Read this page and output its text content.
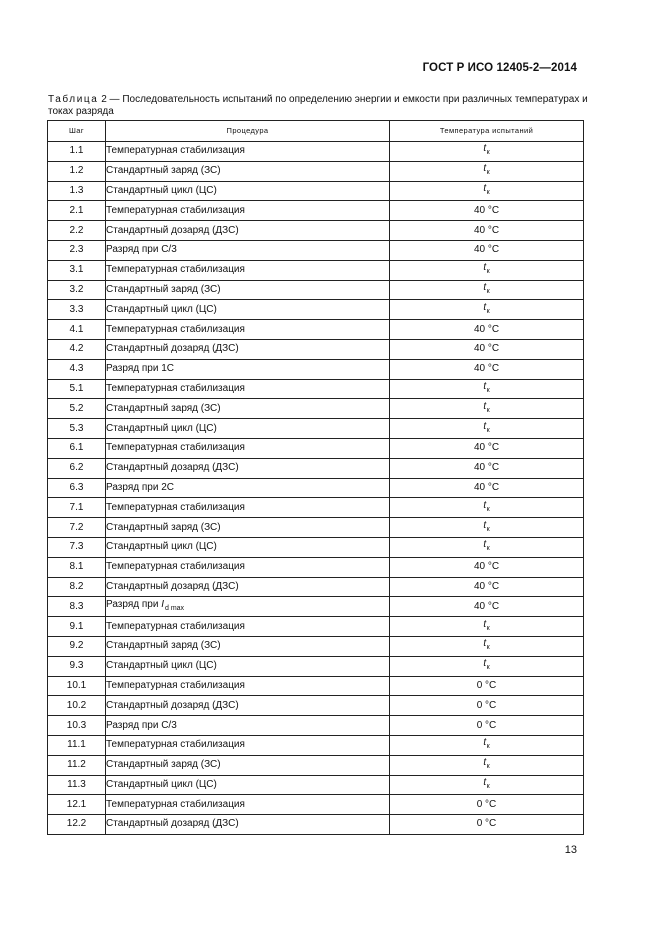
ГОСТ Р ИСО 12405-2—2014
Таблица 2 — Последовательность испытаний по определению энергии и емкости при различных температурах и токах разряда
Шаг	Процедура	Температура испытаний
1.1	Температурная стабилизация	$t_к$
1.2	Стандартный заряд (ЗС)	$t_к$
1.3	Стандартный цикл (ЦС)	$t_к$
2.1	Температурная стабилизация	40 °С
2.2	Стандартный дозаряд (ДЗС)	40 °С
2.3	Разряд при С/3	40 °С
3.1	Температурная стабилизация	$t_к$
3.2	Стандартный заряд (ЗС)	$t_к$
3.3	Стандартный цикл (ЦС)	$t_к$
4.1	Температурная стабилизация	40 °С
4.2	Стандартный дозаряд (ДЗС)	40 °С
4.3	Разряд при 1С	40 °С
5.1	Температурная стабилизация	$t_к$
5.2	Стандартный заряд (ЗС)	$t_к$
5.3	Стандартный цикл (ЦС)	$t_к$
6.1	Температурная стабилизация	40 °С
6.2	Стандартный дозаряд (ДЗС)	40 °С
6.3	Разряд при 2С	40 °С
7.1	Температурная стабилизация	$t_к$
7.2	Стандартный заряд (ЗС)	$t_к$
7.3	Стандартный цикл (ЦС)	$t_к$
8.1	Температурная стабилизация	40 °С
8.2	Стандартный дозаряд (ДЗС)	40 °С
8.3	Разряд при $I_{d max}$	40 °С
9.1	Температурная стабилизация	$t_к$
9.2	Стандартный заряд (ЗС)	$t_к$
9.3	Стандартный цикл (ЦС)	$t_к$
10.1	Температурная стабилизация	0 °С
10.2	Стандартный дозаряд (ДЗС)	0 °С
10.3	Разряд при С/3	0 °С
11.1	Температурная стабилизация	$t_к$
11.2	Стандартный заряд (ЗС)	$t_к$
11.3	Стандартный цикл (ЦС)	$t_к$
12.1	Температурная стабилизация	0 °С
12.2	Стандартный дозаряд (ДЗС)	0 °С
13
